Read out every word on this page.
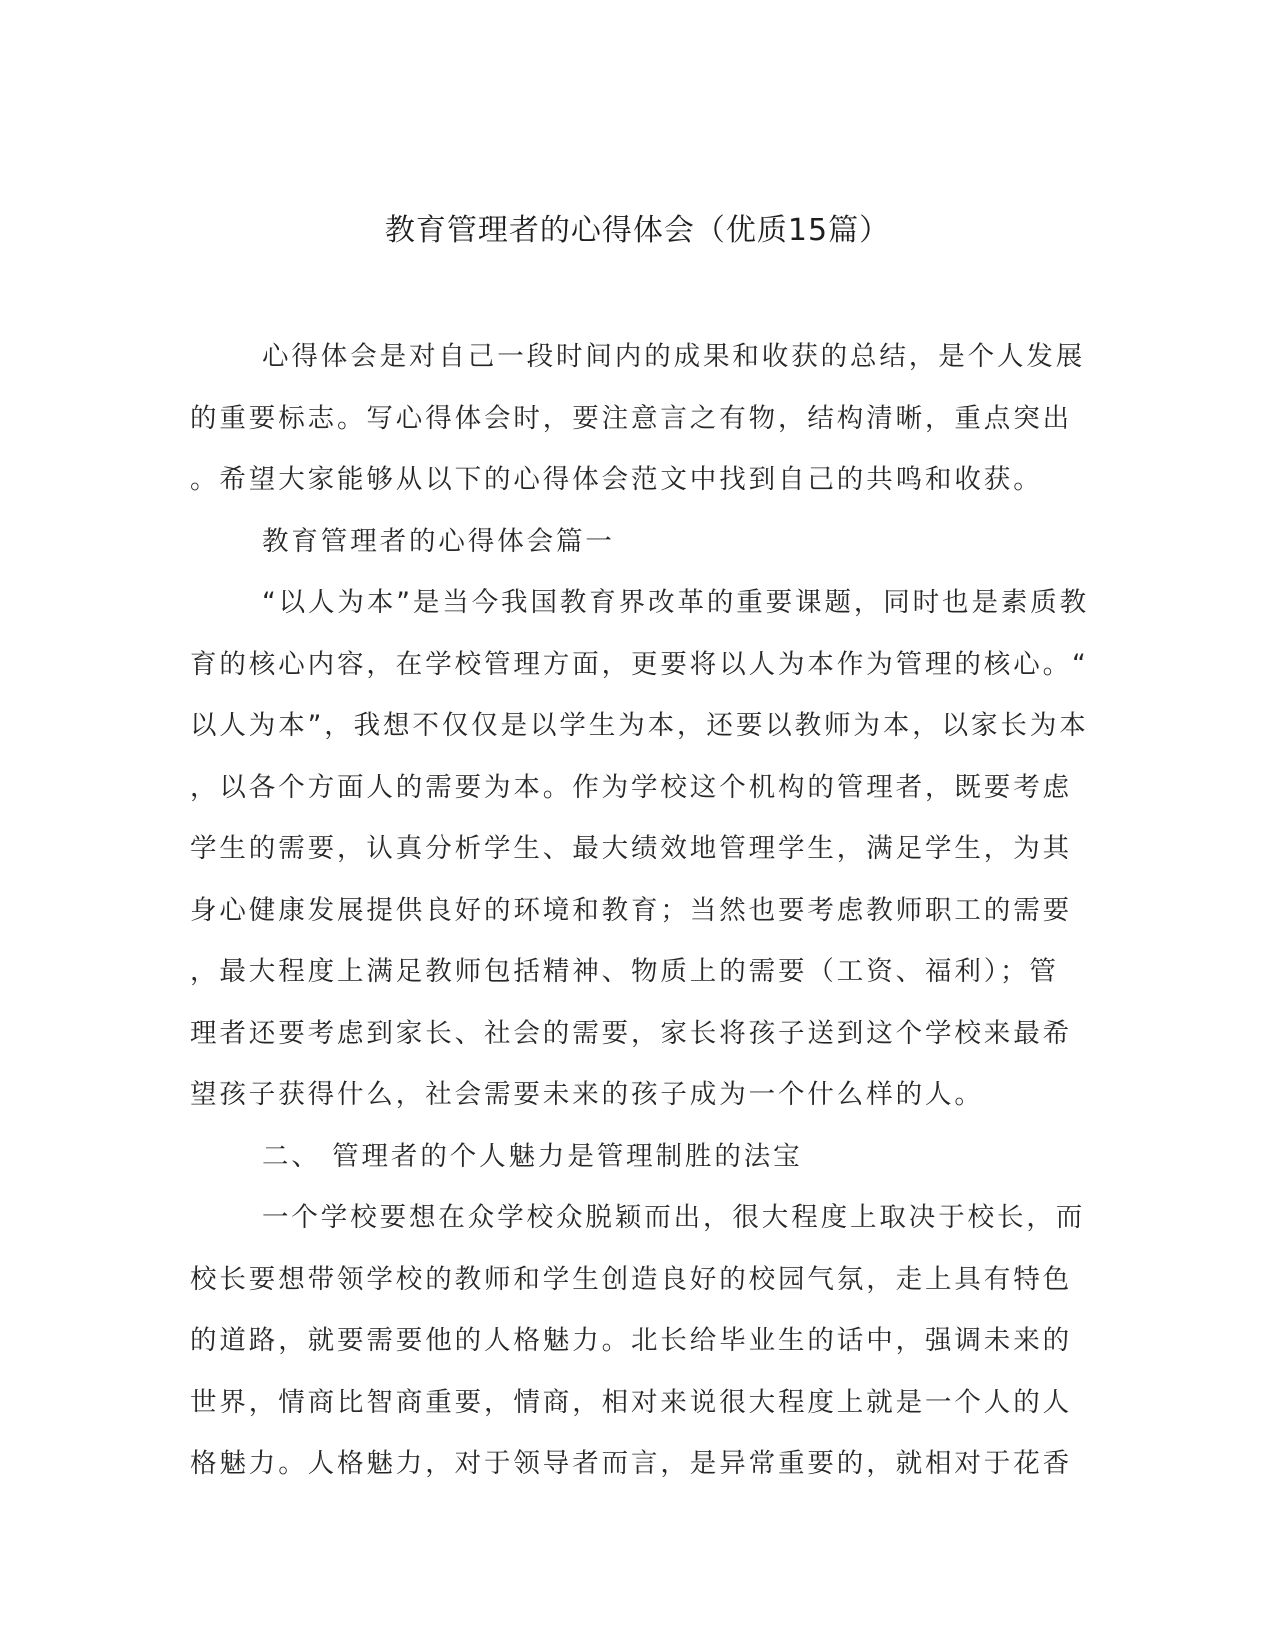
教育管理者的心得体会（优质15篇）
心得体会是对自己一段时间内的成果和收获的总结，是个人发展
的重要标志。写心得体会时，要注意言之有物，结构清晰，重点突出
。希望大家能够从以下的心得体会范文中找到自己的共鸣和收获。
教育管理者的心得体会篇一
“以人为本”是当今我国教育界改革的重要课题，同时也是素质教
育的核心内容，在学校管理方面，更要将以人为本作为管理的核心。“
以人为本”，我想不仅仅是以学生为本，还要以教师为本，以家长为本
，以各个方面人的需要为本。作为学校这个机构的管理者，既要考虑
学生的需要，认真分析学生、最大绩效地管理学生，满足学生，为其
身心健康发展提供良好的环境和教育；当然也要考虑教师职工的需要
，最大程度上满足教师包括精神、物质上的需要（工资、福利）；管
理者还要考虑到家长、社会的需要，家长将孩子送到这个学校来最希
望孩子获得什么，社会需要未来的孩子成为一个什么样的人。
二、 管理者的个人魅力是管理制胜的法宝
一个学校要想在众学校众脱颖而出，很大程度上取决于校长，而
校长要想带领学校的教师和学生创造良好的校园气氛，走上具有特色
的道路，就要需要他的人格魅力。北长给毕业生的话中，强调未来的
世界，情商比智商重要，情商，相对来说很大程度上就是一个人的人
格魅力。人格魅力，对于领导者而言，是异常重要的，就相对于花香
